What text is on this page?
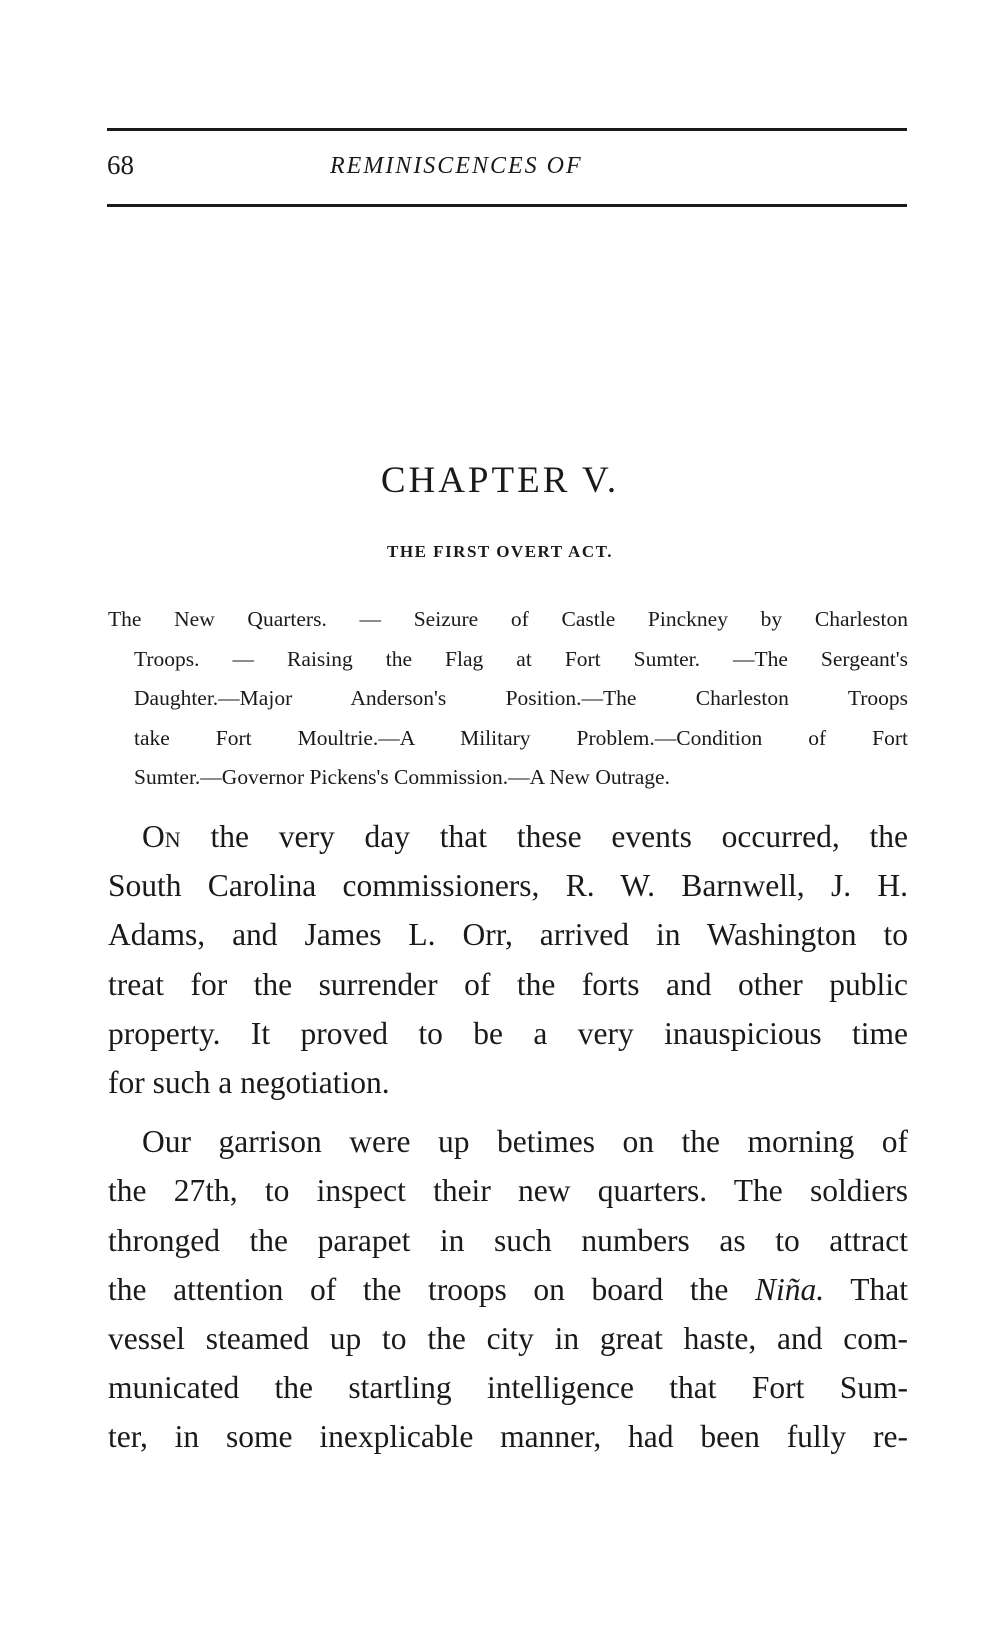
68	REMINISCENCES OF

CHAPTER V.
THE FIRST OVERT ACT.

The New Quarters. — Seizure of Castle Pinckney by Charleston
Troops. — Raising the Flag at Fort Sumter. —The Sergeant's
Daughter.—Major Anderson's Position.—The Charleston Troops
take Fort Moultrie.—A Military Problem.—Condition of Fort
Sumter.—Governor Pickens's Commission.—A New Outrage.

On the very day that these events occurred, the
South Carolina commissioners, R. W. Barnwell, J. H.
Adams, and James L. Orr, arrived in Washington to
treat for the surrender of the forts and other public
property. It proved to be a very inauspicious time
for such a negotiation.
Our garrison were up betimes on the morning of
the 27th, to inspect their new quarters. The soldiers
thronged the parapet in such numbers as to attract
the attention of the troops on board the Niña. That
vessel steamed up to the city in great haste, and com-
municated the startling intelligence that Fort Sum-
ter, in some inexplicable manner, had been fully re-
